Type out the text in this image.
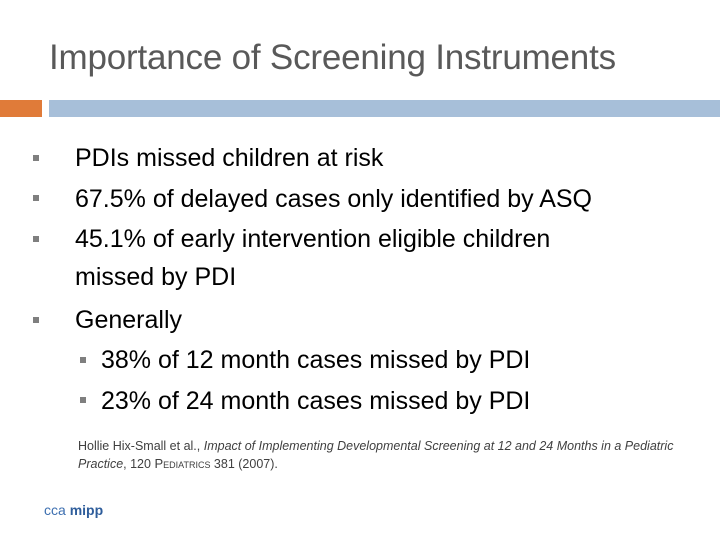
Importance of Screening Instruments
PDIs missed children at risk
67.5% of delayed cases only identified by ASQ
45.1% of early intervention eligible children
missed by PDI
Generally
38% of 12 month cases missed by PDI
23% of 24 month cases missed by PDI
Hollie Hix-Small et al., Impact of Implementing Developmental Screening at 12 and 24 Months in a Pediatric Practice, 120 Pediatrics 381 (2007).
cca mipp
